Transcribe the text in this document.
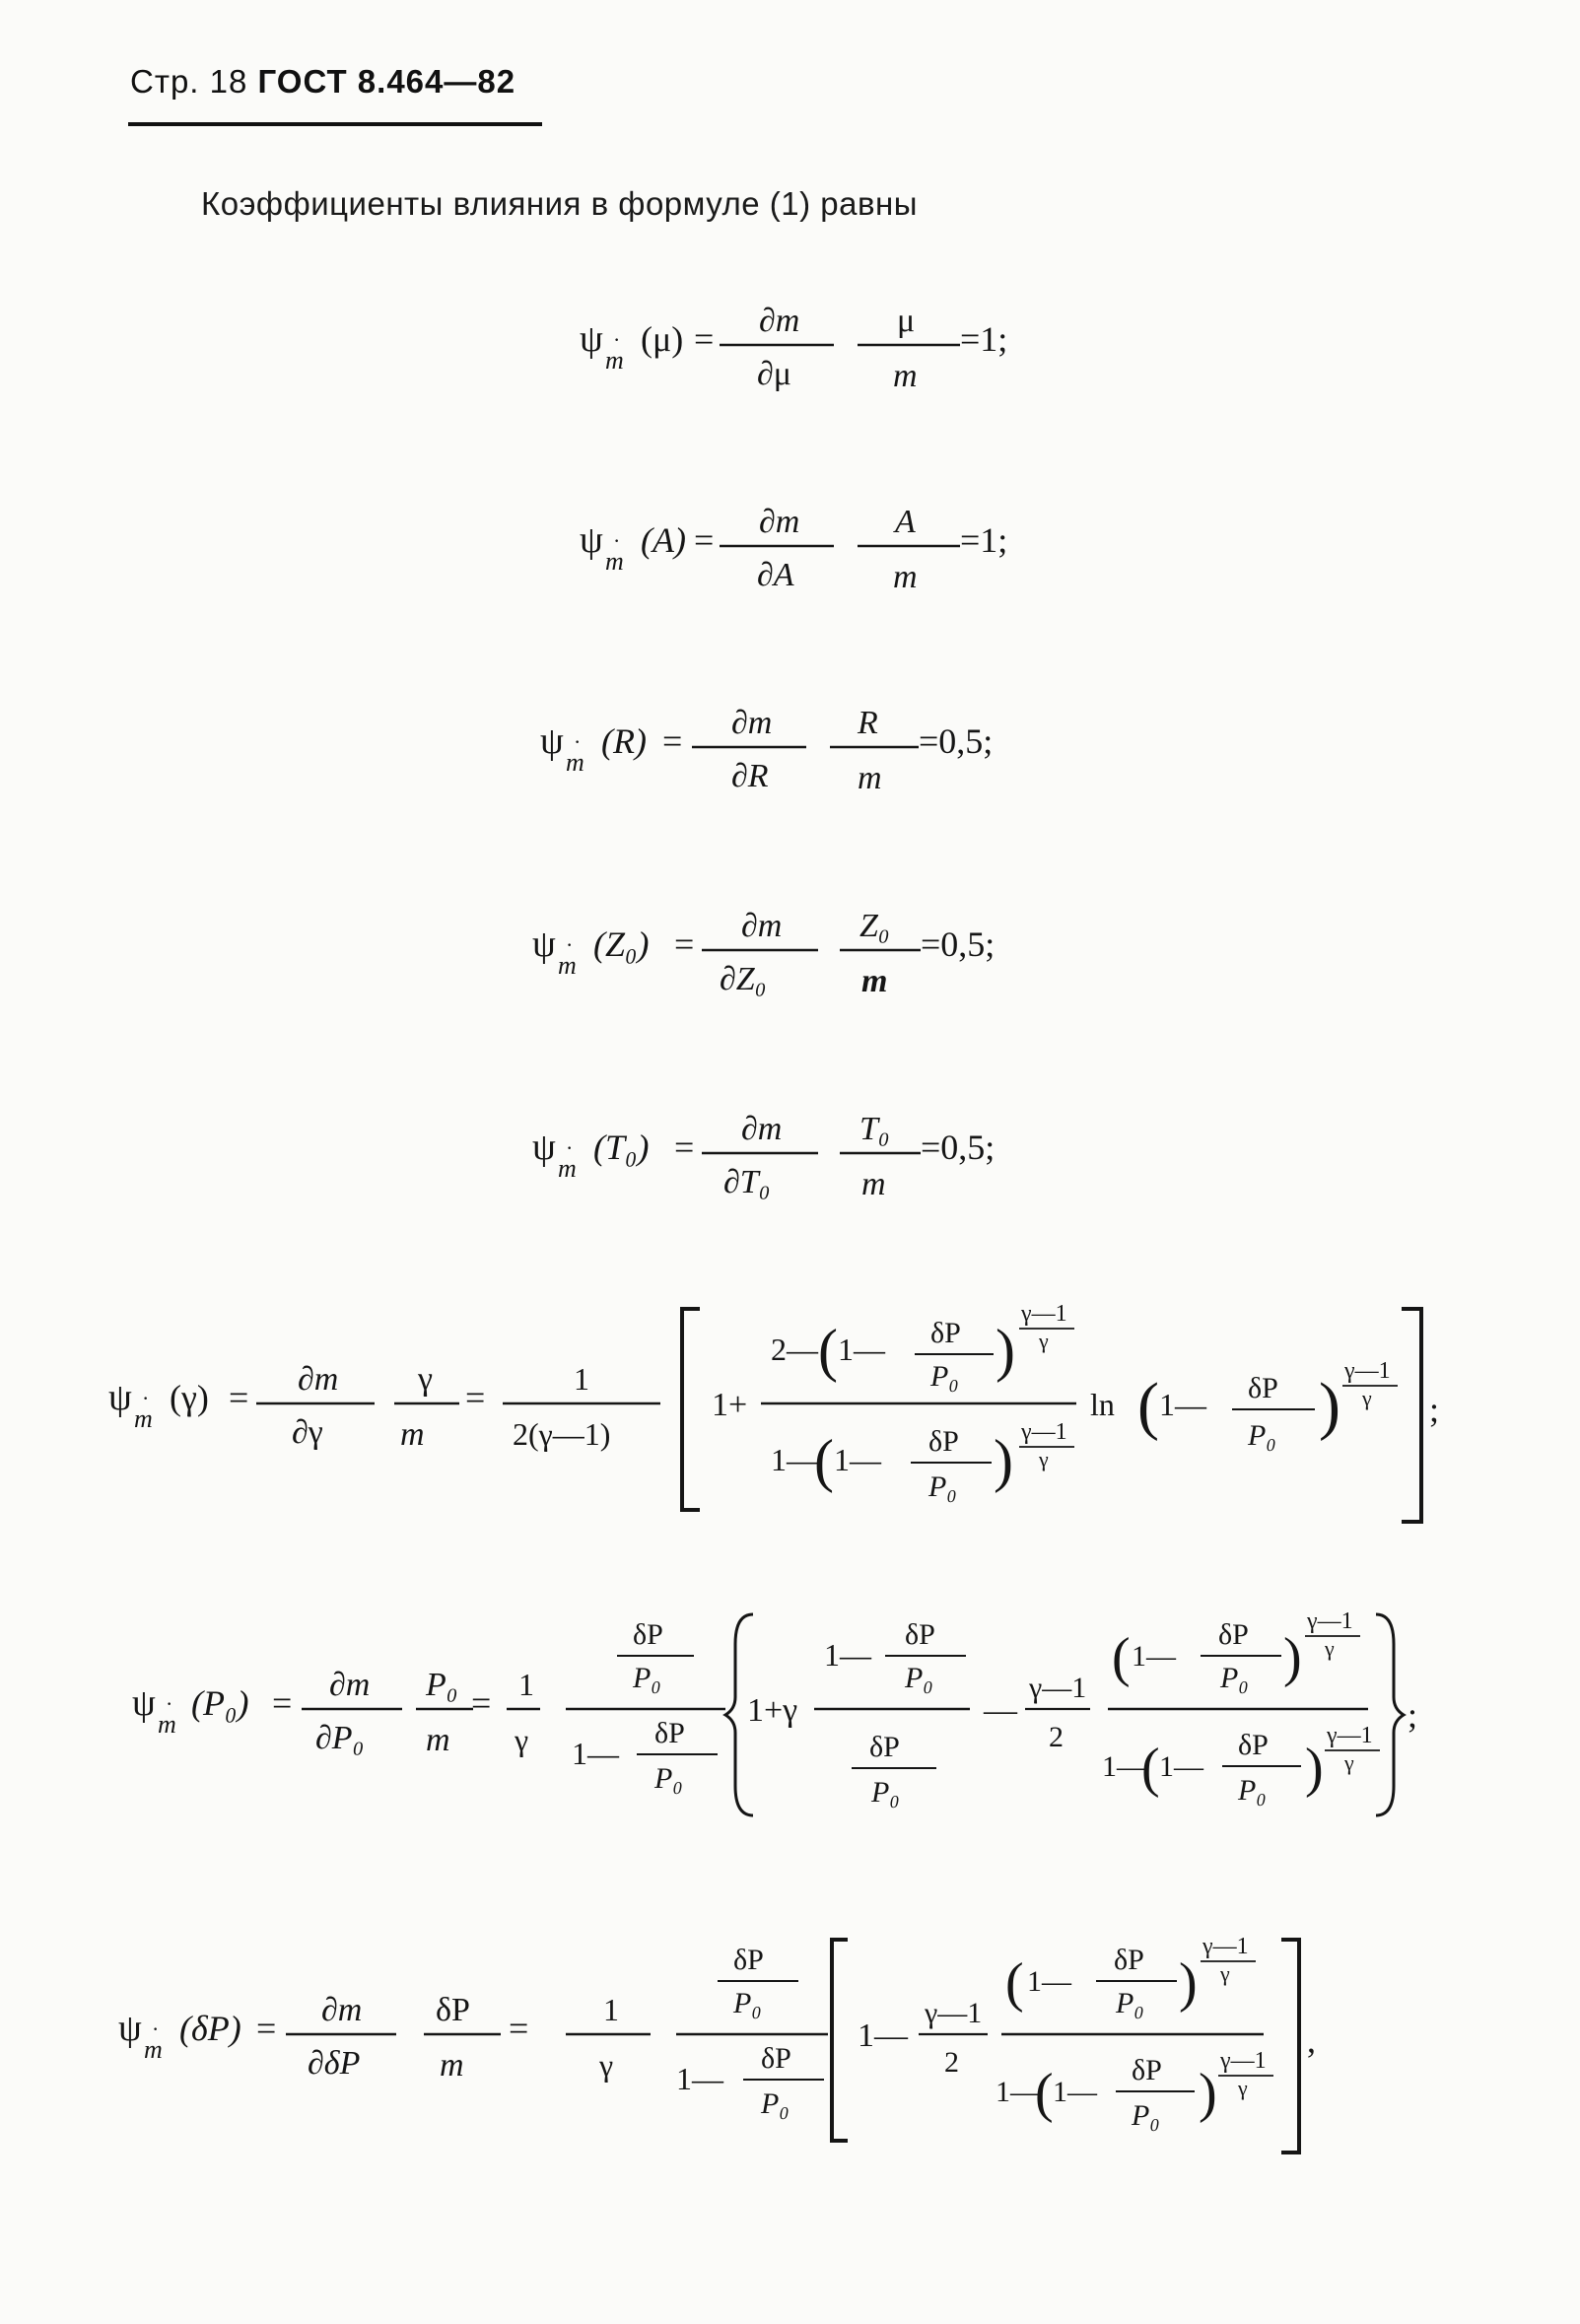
Стр. 18 ГОСТ 8.464—82
Коэффициенты влияния в формуле (1) равны
ψ
m
· (μ) = ∂m
∂μ
μ
m
=1;
ψ
m
· (A) = ∂m
∂A
A
m
=1;
ψ
m
· (R) = ∂m
∂R
R
m
=0,5;
ψ
m
· (Z₀) = ∂m
∂Z₀
Z₀
m
=0,5;
ψ
m
· (T₀) = ∂m
∂T₀
T₀
m
=0,5;
ψ
m
· (γ) = ∂m
∂γ
γ
m
=	1
2(γ—1)
1+
2— ( 1— δP
P₀ )
γ—1
γ
1—
( 1—
δP
P₀ ) γ—1
γ
ln ( 1— δP
P₀ ) γ—1
γ ;
ψ
m
· (P₀) = ∂m
∂P₀
P₀
m
= 1
γ
δP
P₀
1—
δP
P₀
1+γ
1—
δP
P₀
δP
P₀
—
γ—1
2
( 1—
δP
P₀ )
γ—1
γ
1—
( 1—
δP
P₀ )
γ—1
γ
;
ψ
m
· (δP) = ∂m
∂δP
δP
m
= 1
γ
δP
P₀
1—
δP
P₀
1—
γ—1
2
( 1—
δP
P₀ )
γ—1
γ
1—
( 1—
δP
P₀ )
γ—1
γ
,
